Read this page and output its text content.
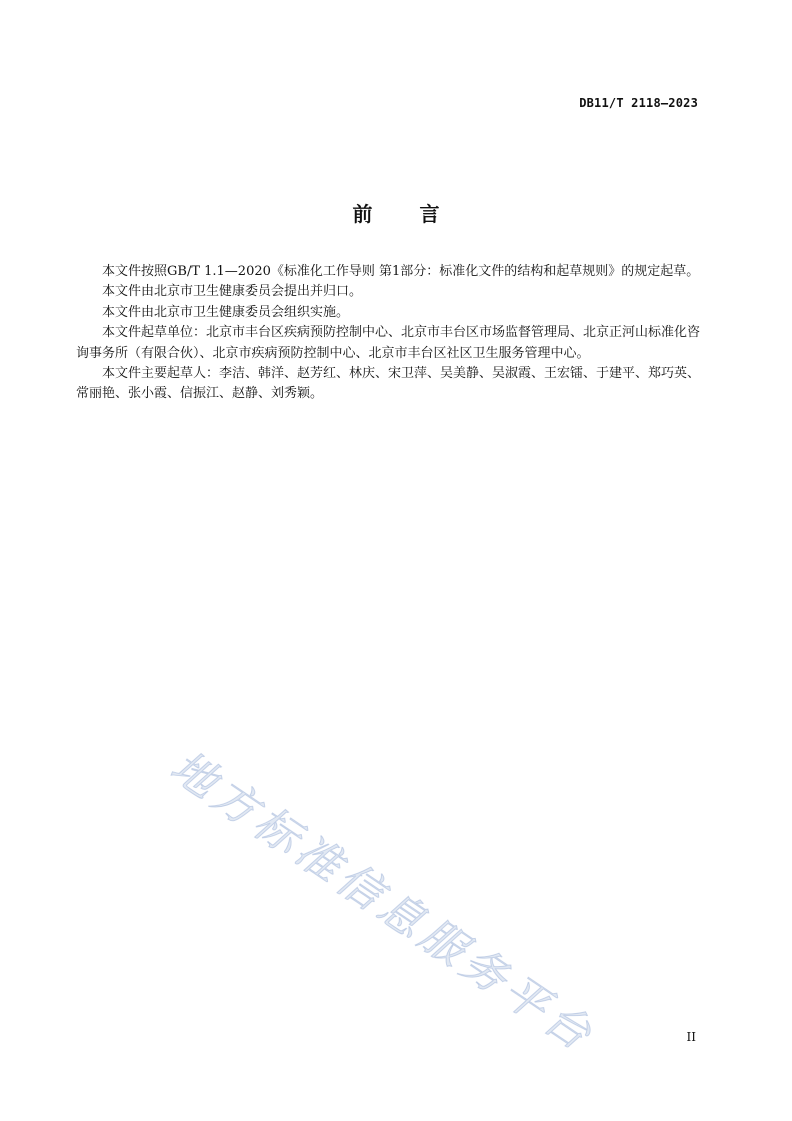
DB11/T 2118—2023
前 言

本文件按照GB/T 1.1—2020《标准化工作导则 第1部分：标准化文件的结构和起草规则》的规定起草。

本文件由北京市卫生健康委员会提出并归口。

本文件由北京市卫生健康委员会组织实施。

本文件起草单位：北京市丰台区疾病预防控制中心、北京市丰台区市场监督管理局、北京正河山标准化咨询事务所（有限合伙）、北京市疾病预防控制中心、北京市丰台区社区卫生服务管理中心。

本文件主要起草人：李洁、韩洋、赵芳红、林庆、宋卫萍、吴美静、吴淑霞、王宏镭、于建平、郑巧英、常丽艳、张小霞、信振江、赵静、刘秀颖。

地方标准信息服务平台	II
